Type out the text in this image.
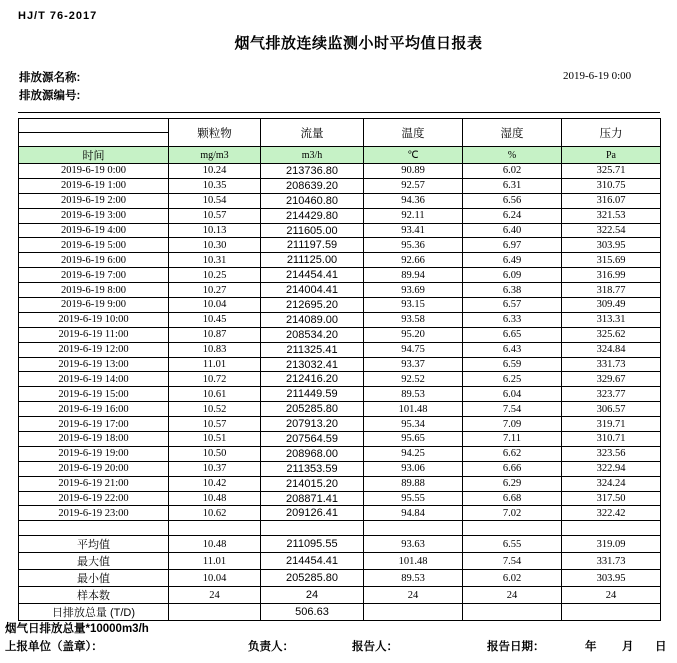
HJ/T 76-2017
烟气排放连续监测小时平均值日报表
排放源名称:
排放源编号:
2019-6-19 0:00
	颗粒物	流量	温度	湿度	压力

时间	mg/m3	m3/h	℃	%	Pa
2019-6-19 0:00	10.24	213736.80	90.89	6.02	325.71
2019-6-19 1:00	10.35	208639.20	92.57	6.31	310.75
2019-6-19 2:00	10.54	210460.80	94.36	6.56	316.07
2019-6-19 3:00	10.57	214429.80	92.11	6.24	321.53
2019-6-19 4:00	10.13	211605.00	93.41	6.40	322.54
2019-6-19 5:00	10.30	211197.59	95.36	6.97	303.95
2019-6-19 6:00	10.31	211125.00	92.66	6.49	315.69
2019-6-19 7:00	10.25	214454.41	89.94	6.09	316.99
2019-6-19 8:00	10.27	214004.41	93.69	6.38	318.77
2019-6-19 9:00	10.04	212695.20	93.15	6.57	309.49
2019-6-19 10:00	10.45	214089.00	93.58	6.33	313.31
2019-6-19 11:00	10.87	208534.20	95.20	6.65	325.62
2019-6-19 12:00	10.83	211325.41	94.75	6.43	324.84
2019-6-19 13:00	11.01	213032.41	93.37	6.59	331.73
2019-6-19 14:00	10.72	212416.20	92.52	6.25	329.67
2019-6-19 15:00	10.61	211449.59	89.53	6.04	323.77
2019-6-19 16:00	10.52	205285.80	101.48	7.54	306.57
2019-6-19 17:00	10.57	207913.20	95.34	7.09	319.71
2019-6-19 18:00	10.51	207564.59	95.65	7.11	310.71
2019-6-19 19:00	10.50	208968.00	94.25	6.62	323.56
2019-6-19 20:00	10.37	211353.59	93.06	6.66	322.94
2019-6-19 21:00	10.42	214015.20	89.88	6.29	324.24
2019-6-19 22:00	10.48	208871.41	95.55	6.68	317.50
2019-6-19 23:00	10.62	209126.41	94.84	7.02	322.42

平均值	10.48	211095.55	93.63	6.55	319.09
最大值	11.01	214454.41	101.48	7.54	331.73
最小值	10.04	205285.80	89.53	6.02	303.95
样本数	24	24	24	24	24
日排放总量 (T/D)		506.63			
烟气日排放总量*10000m3/h
上报单位（盖章）：	负责人：	报告人：	报告日期：	年 月 日
